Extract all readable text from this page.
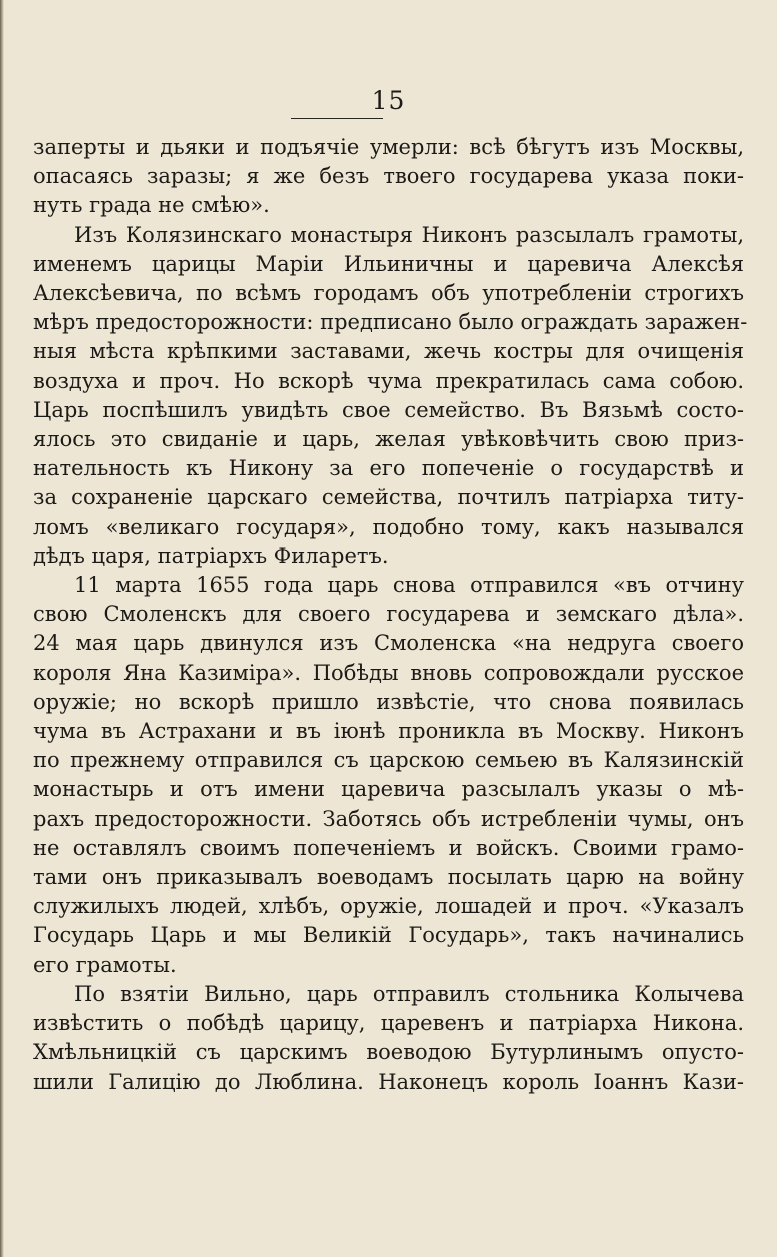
15
заперты и дьяки и подъячіе умерли: всѣ бѣгутъ изъ Москвы,
опасаясь заразы; я же безъ твоего государева указа поки-
нуть града не смѣю».
Изъ Колязинскаго монастыря Никонъ разсылалъ грамоты,
именемъ царицы Маріи Ильиничны и царевича Алексѣя
Алексѣевича, по всѣмъ городамъ объ употребленіи строгихъ
мѣръ предосторожности: предписано было ограждать заражен-
ныя мѣста крѣпкими заставами, жечь костры для очищенія
воздуха и проч. Но вскорѣ чума прекратилась сама собою.
Царь поспѣшилъ увидѣть свое семейство. Въ Вязьмѣ состо-
ялось это свиданіе и царь, желая увѣковѣчить свою приз-
нательность къ Никону за его попеченіе о государствѣ и
за сохраненіе царскаго семейства, почтилъ патріарха титу-
ломъ «великаго государя», подобно тому, какъ назывался
дѣдъ царя, патріархъ Филаретъ.
11 марта 1655 года царь снова отправился «въ отчину
свою Смоленскъ для своего государева и земскаго дѣла».
24 мая царь двинулся изъ Смоленска «на недруга своего
короля Яна Казиміра». Побѣды вновь сопровождали русское
оружіе; но вскорѣ пришло извѣстіе, что снова появилась
чума въ Астрахани и въ іюнѣ проникла въ Москву. Никонъ
по прежнему отправился съ царскою семьею въ Калязинскій
монастырь и отъ имени царевича разсылалъ указы о мѣ-
рахъ предосторожности. Заботясь объ истребленіи чумы, онъ
не оставлялъ своимъ попеченіемъ и войскъ. Своими грамо-
тами онъ приказывалъ воеводамъ посылать царю на войну
служилыхъ людей, хлѣбъ, оружіе, лошадей и проч. «Указалъ
Государь Царь и мы Великій Государь», такъ начинались
его грамоты.
По взятіи Вильно, царь отправилъ стольника Колычева
извѣстить о побѣдѣ царицу, царевенъ и патріарха Никона.
Хмѣльницкій съ царскимъ воеводою Бутурлинымъ опусто-
шили Галицію до Люблина. Наконецъ король Іоаннъ Кази-
